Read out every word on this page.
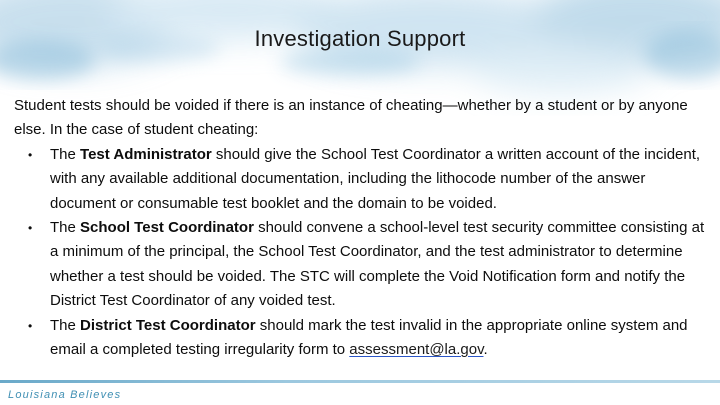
Investigation Support

Student tests should be voided if there is an instance of cheating—whether by a student or by anyone else. In the case of student cheating:

• The Test Administrator should give the School Test Coordinator a written account of the incident, with any available additional documentation, including the lithocode number of the answer document or consumable test booklet and the domain to be voided.
• The School Test Coordinator should convene a school-level test security committee consisting at a minimum of the principal, the School Test Coordinator, and the test administrator to determine whether a test should be voided. The STC will complete the Void Notification form and notify the District Test Coordinator of any voided test.
• The District Test Coordinator should mark the test invalid in the appropriate online system and email a completed testing irregularity form to assessment@la.gov.
Louisiana Believes
